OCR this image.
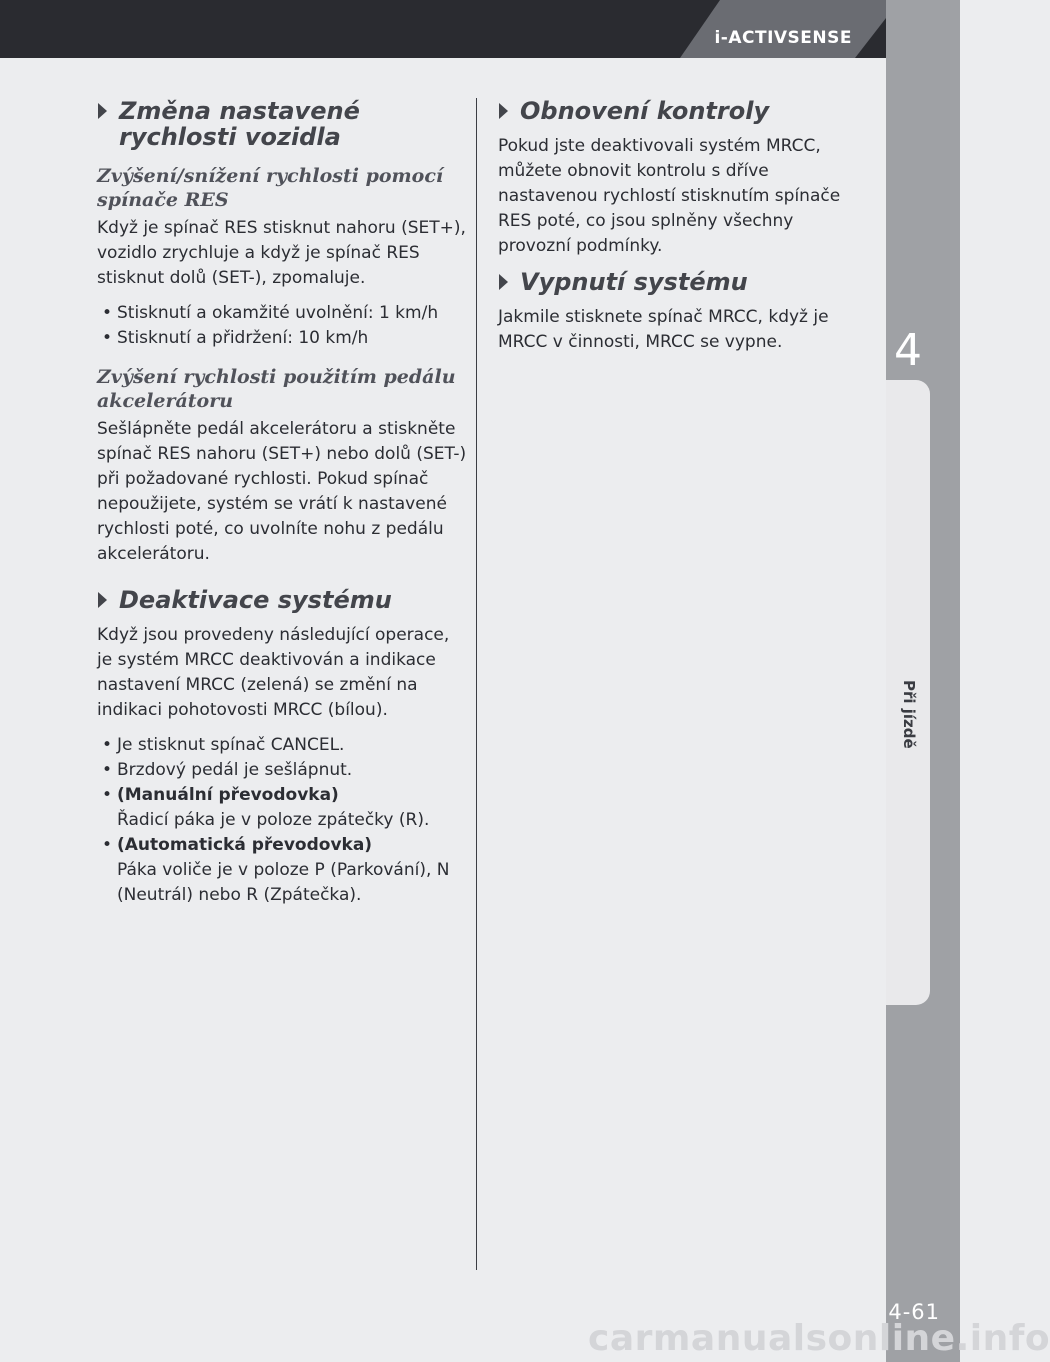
i-ACTIVSENSE
4
Při jízdě
Změna nastavené rychlosti vozidla
Zvýšení/snížení rychlosti pomocí spínače RES

Když je spínač RES stisknut nahoru (SET+), vozidlo zrychluje a když je spínač RES stisknut dolů (SET-), zpomaluje.

• Stisknutí a okamžité uvolnění: 1 km/h
• Stisknutí a přidržení: 10 km/h
Zvýšení rychlosti použitím pedálu akcelerátoru

Sešlápněte pedál akcelerátoru a stiskněte spínač RES nahoru (SET+) nebo dolů (SET-) při požadované rychlosti. Pokud spínač nepoužijete, systém se vrátí k nastavené rychlosti poté, co uvolníte nohu z pedálu akcelerátoru.

Deaktivace systému

Když jsou provedeny následující operace, je systém MRCC deaktivován a indikace nastavení MRCC (zelená) se změní na indikaci pohotovosti MRCC (bílou).

• Je stisknut spínač CANCEL.
• Brzdový pedál je sešlápnut.
• (Manuální převodovka)
Řadicí páka je v poloze zpátečky (R).
• (Automatická převodovka)
Páka voliče je v poloze P (Parkování), N (Neutrál) nebo R (Zpátečka).
Obnovení kontroly

Pokud jste deaktivovali systém MRCC, můžete obnovit kontrolu s dříve nastavenou rychlostí stisknutím spínače RES poté, co jsou splněny všechny provozní podmínky.

Vypnutí systému

Jakmile stisknete spínač MRCC, když je MRCC v činnosti, MRCC se vypne.

4-61
carmanualsonline.info
